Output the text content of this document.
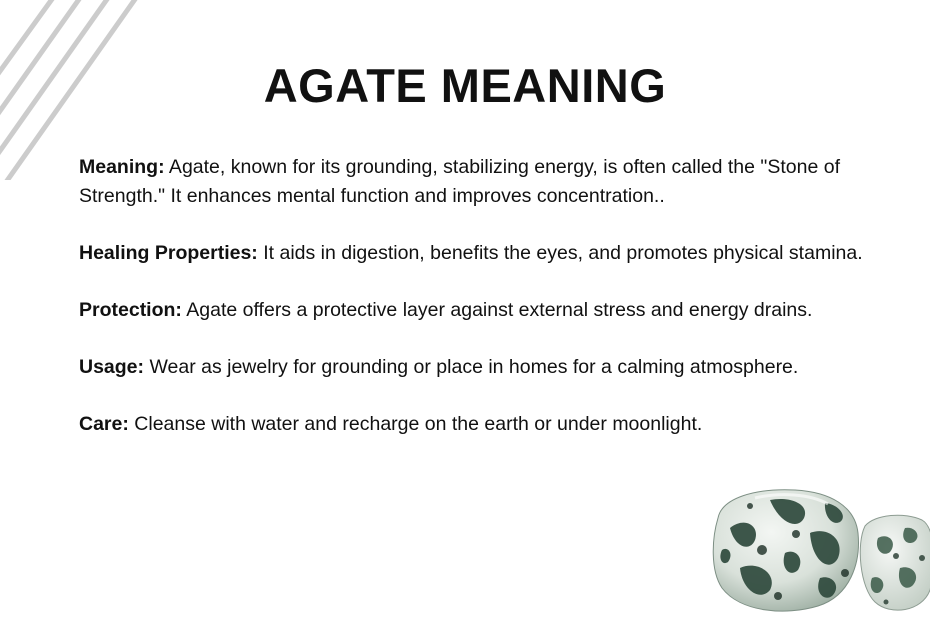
AGATE MEANING

Meaning: Agate, known for its grounding, stabilizing energy, is often called the "Stone of Strength." It enhances mental function and improves concentration..

Healing Properties: It aids in digestion, benefits the eyes, and promotes physical stamina.

Protection: Agate offers a protective layer against external stress and energy drains.

Usage: Wear as jewelry for grounding or place in homes for a calming atmosphere.

Care: Cleanse with water and recharge on the earth or under moonlight.
